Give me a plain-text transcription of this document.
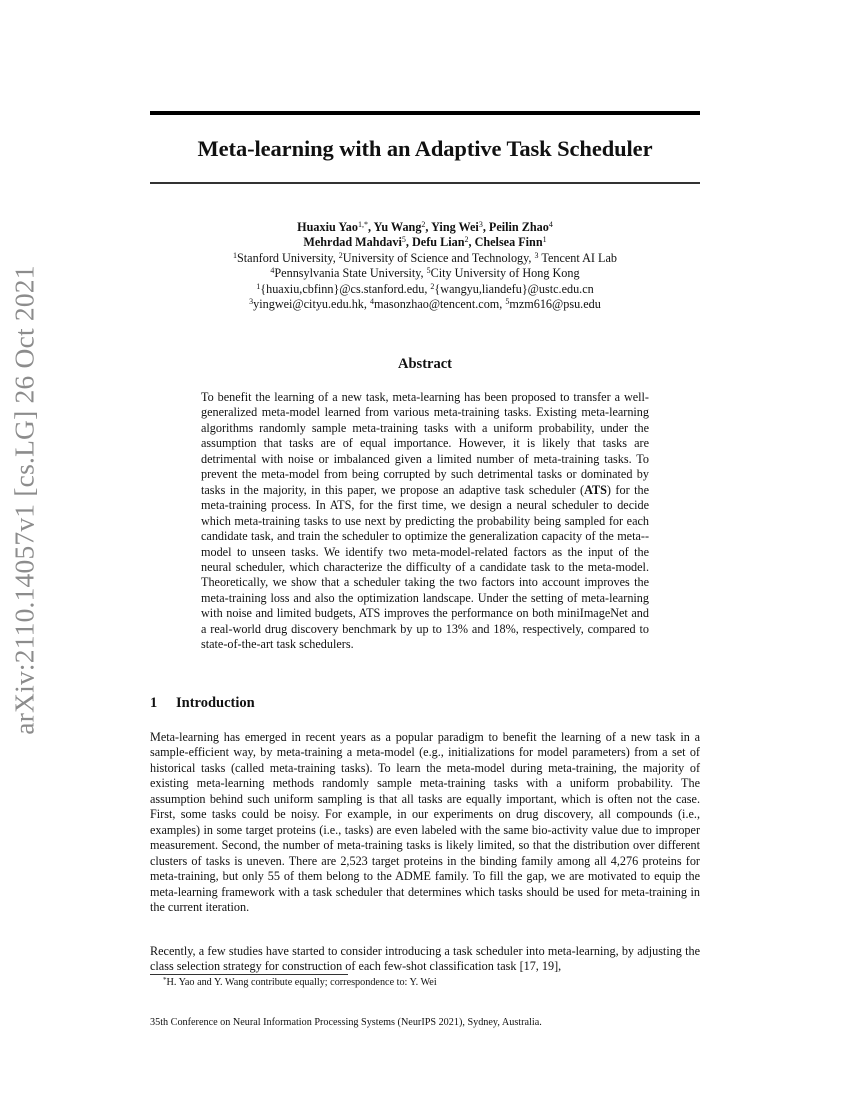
arXiv:2110.14057v1 [cs.LG] 26 Oct 2021
Meta-learning with an Adaptive Task Scheduler
Huaxiu Yao$^{1,*}$, Yu Wang$^2$, Ying Wei$^3$, Peilin Zhao$^4$
Mehrdad Mahdavi$^5$, Defu Lian$^2$, Chelsea Finn$^1$
$^1$Stanford University, $^2$University of Science and Technology, $^3$ Tencent AI Lab
$^4$Pennsylvania State University, $^5$City University of Hong Kong
$^1${huaxiu,cbfinn}@cs.stanford.edu, $^2${wangyu,liandefu}@ustc.edu.cn
$^3$yingwei@cityu.edu.hk, $^4$masonzhao@tencent.com, $^5$mzm616@psu.edu
Abstract

To benefit the learning of a new task, meta-learning has been proposed to transfer a well-generalized meta-model learned from various meta-training tasks. Existing meta-learning algorithms randomly sample meta-training tasks with a uniform probability, under the assumption that tasks are of equal importance. However, it is likely that tasks are detrimental with noise or imbalanced given a limited number of meta-training tasks. To prevent the meta-model from being corrupted by such detrimental tasks or dominated by tasks in the majority, in this paper, we propose an adaptive task scheduler (ATS) for the meta-training process. In ATS, for the first time, we design a neural scheduler to decide which meta-training tasks to use next by predicting the probability being sampled for each candidate task, and train the scheduler to optimize the generalization capacity of the meta-model to unseen tasks. We identify two meta-model-related factors as the input of the neural scheduler, which characterize the difficulty of a candidate task to the meta-model. Theoretically, we show that a scheduler taking the two factors into account improves the meta-training loss and also the optimization landscape. Under the setting of meta-learning with noise and limited budgets, ATS improves the performance on both miniImageNet and a real-world drug discovery benchmark by up to 13% and 18%, respectively, compared to state-of-the-art task schedulers.

1 Introduction

Meta-learning has emerged in recent years as a popular paradigm to benefit the learning of a new task in a sample-efficient way, by meta-training a meta-model (e.g., initializations for model parameters) from a set of historical tasks (called meta-training tasks). To learn the meta-model during meta-training, the majority of existing meta-learning methods randomly sample meta-training tasks with a uniform probability. The assumption behind such uniform sampling is that all tasks are equally important, which is often not the case. First, some tasks could be noisy. For example, in our experiments on drug discovery, all compounds (i.e., examples) in some target proteins (i.e., tasks) are even labeled with the same bio-activity value due to improper measurement. Second, the number of meta-training tasks is likely limited, so that the distribution over different clusters of tasks is uneven. There are 2,523 target proteins in the binding family among all 4,276 proteins for meta-training, but only 55 of them belong to the ADME family. To fill the gap, we are motivated to equip the meta-learning framework with a task scheduler that determines which tasks should be used for meta-training in the current iteration.

Recently, a few studies have started to consider introducing a task scheduler into meta-learning, by adjusting the class selection strategy for construction of each few-shot classification task [17, 19],

*H. Yao and Y. Wang contribute equally; correspondence to: Y. Wei

35th Conference on Neural Information Processing Systems (NeurIPS 2021), Sydney, Australia.
